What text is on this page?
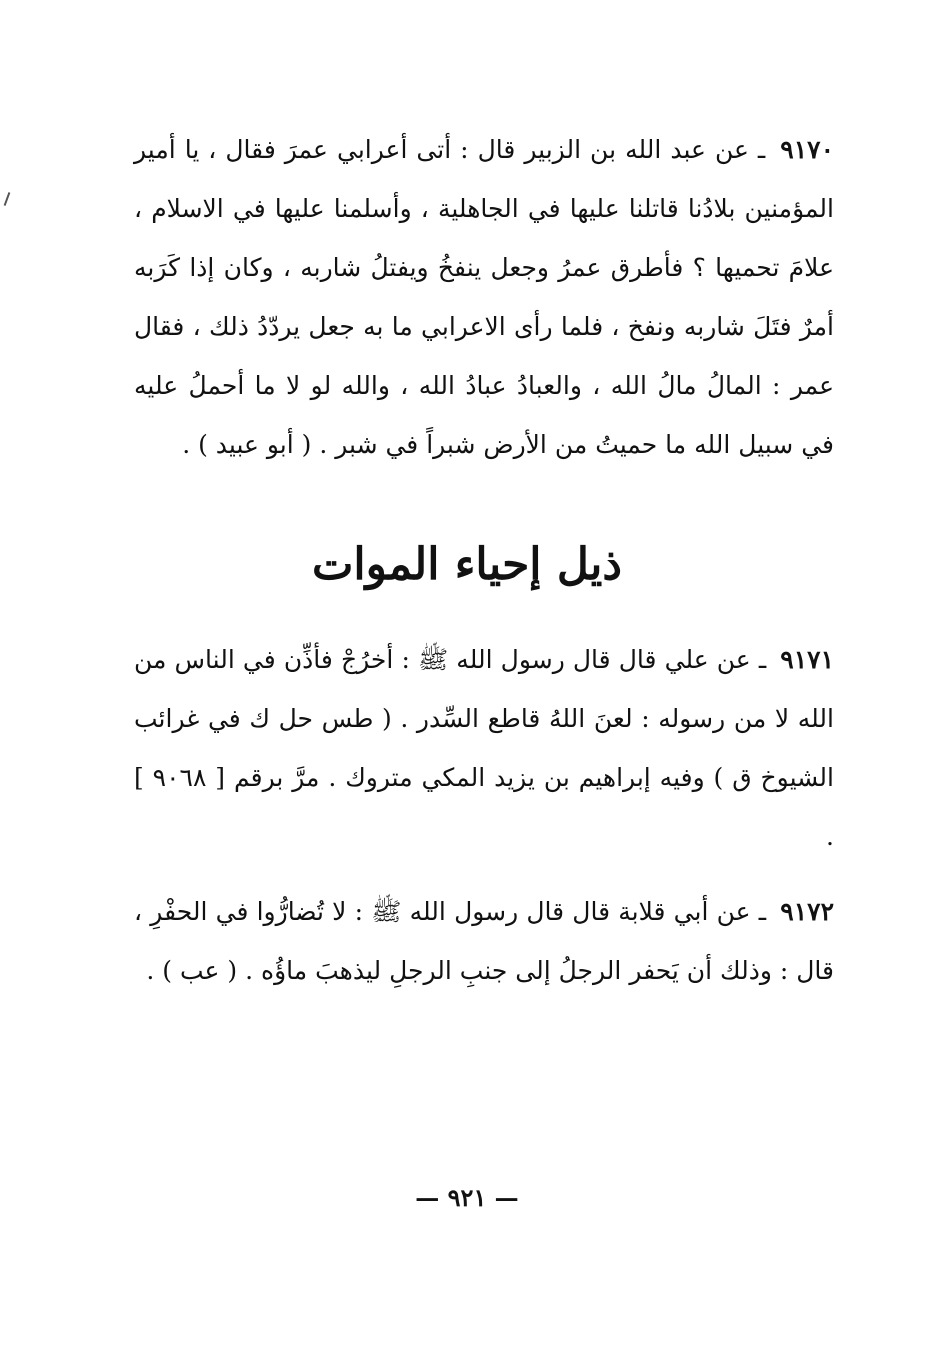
٩١٧٠ ـ عن عبد الله بن الزبير قال : أتى أعرابي عمرَ فقال ، يا أمير المؤمنين بلادُنا قاتلنا عليها في الجاهلية ، وأسلمنا عليها في الاسلام ، علامَ تحميها ؟ فأطرق عمرُ وجعل ينفخُ ويفتلُ شاربه ، وكان إذا كَرَبه أمرٌ فتَلَ شاربه ونفخ ، فلما رأى الاعرابي ما به جعل يردّدُ ذلك ، فقال عمر : المالُ مالُ الله ، والعبادُ عبادُ الله ، والله لو لا ما أحملُ عليه في سبيل الله ما حميتُ من الأرض شبراً في شبر . ( أبو عبيد ) .

ذيل إحياء الموات

٩١٧١ ـ عن علي قال قال رسول الله ﷺ : أخرُجْ فأذِّن في الناس من الله لا من رسوله : لعنَ اللهُ قاطع السِّدر . ( طس حل ك في غرائب الشيوخ ق ) وفيه إبراهيم بن يزيد المكي متروك . مرَّ برقم [ ٩٠٦٨ ] .

٩١٧٢ ـ عن أبي قلابة قال قال رسول الله ﷺ : لا تُضارُّوا في الحفْرِ ، قال : وذلك أن يَحفر الرجلُ إلى جنبِ الرجلِ ليذهبَ ماؤُه . ( عب ) .

— ٩٢١ —
